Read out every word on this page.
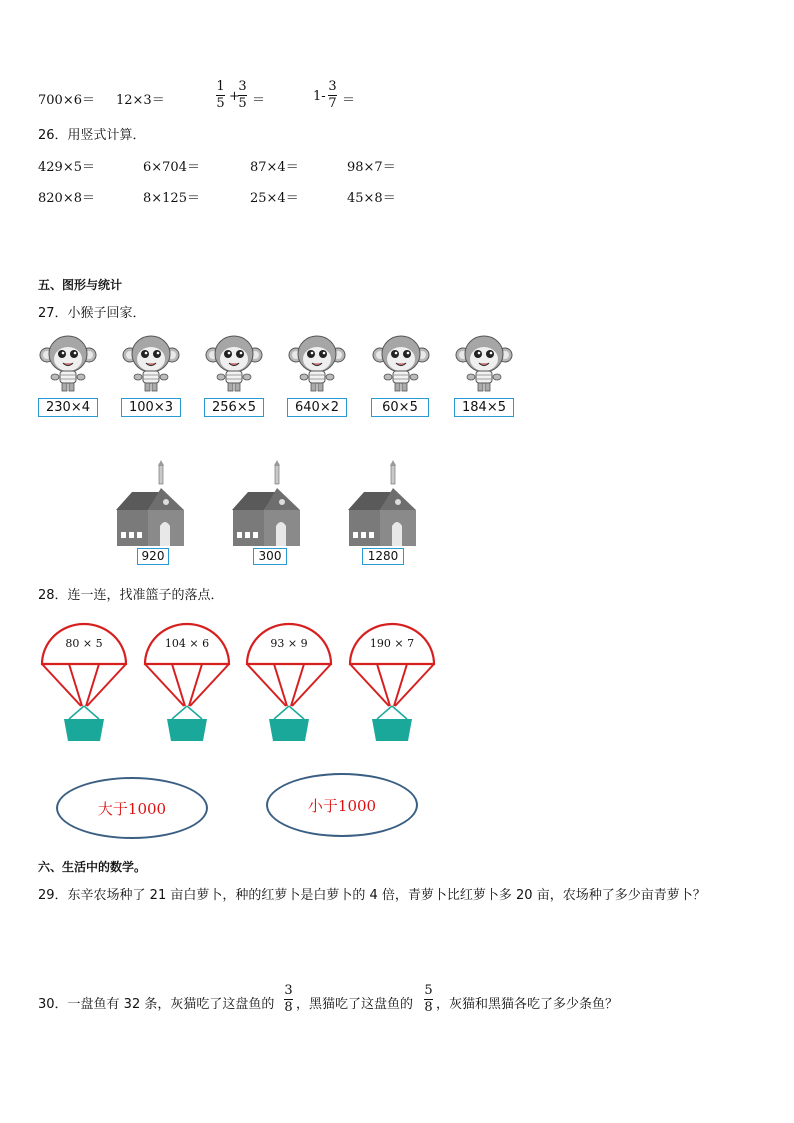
700×6＝ 12×3＝
1
5 +
3
5 ＝	1-
3
7 ＝
26．用竖式计算．
429×5＝	6×704＝	87×4＝	98×7＝
820×8＝	8×125＝	25×4＝	45×8＝
五、图形与统计
27．小猴子回家．
230×4	100×3	256×5	640×2	60×5	184×5
920	300	1280
28．连一连，找准篮子的落点．
80 × 5	104 × 6	93 × 9	190 × 7
大于1000	小于1000
六、生活中的数学。
29．东辛农场种了 21 亩白萝卜，种的红萝卜是白萝卜的 4 倍，青萝卜比红萝卜多 20 亩，农场种了多少亩青萝卜？
30．一盘鱼有 32 条，灰猫吃了这盘鱼的
3
8 ，黑猫吃了这盘鱼的
5
8 ，灰猫和黑猫各吃了多少条鱼？
